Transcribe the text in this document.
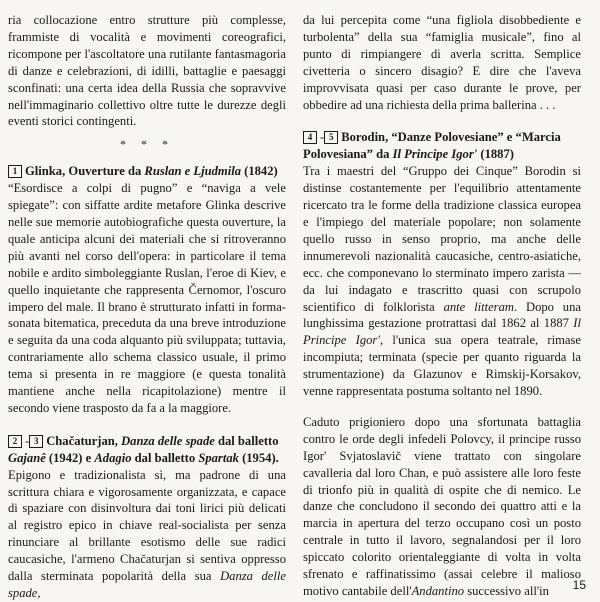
ria collocazione entro strutture più complesse, frammiste di vocalità e movimenti coreografici, ricompone per l'ascoltatore una rutilante fantasmagoria di danze e celebrazioni, di idilli, battaglie e paesaggi sconfinati: una certa idea della Russia che sopravvive nell'immaginario collettivo oltre tutte le durezze degli eventi storici contingenti.

* * *
1 Glinka, Ouverture da Ruslan e Ljudmila (1842)

“Esordisce a colpi di pugno” e “naviga a vele spiegate”: con siffatte ardite metafore Glinka descrive nelle sue memorie autobiografiche questa ouverture, la quale anticipa alcuni dei materiali che si ritroveranno più avanti nel corso dell'opera: in particolare il tema nobile e ardito simboleggiante Ruslan, l'eroe di Kiev, e quello inquietante che rappresenta Černomor, l'oscuro impero del male. Il brano è strutturato infatti in forma-sonata bitematica, preceduta da una breve introduzione e seguita da una coda alquanto più sviluppata; tuttavia, contrariamente allo schema classico usuale, il primo tema si presenta in re maggiore (e questa tonalità mantiene anche nella ricapitolazione) mentre il secondo viene trasposto da fa a la maggiore.

2 - 3 Chačaturjan, Danza delle spade dal balletto Gajanê (1942) e Adagio dal balletto Spartak (1954).

Epigono e tradizionalista sì, ma padrone di una scrittura chiara e vigorosamente organizzata, e capace di spaziare con disinvoltura dai toni lirici più delicati al registro epico in chiave real-socialista per senza rinunciare al brillante esotismo delle sue radici caucasiche, l'armeno Chačaturjan si sentiva oppresso dalla sterminata popolarità della sua Danza delle spade,

da lui percepita come “una figliola disobbediente e turbolenta” della sua “famiglia musicale”, fino al punto di rimpiangere di averla scritta. Semplice civetteria o sincero disagio? E dire che l'aveva improvvisata quasi per caso durante le prove, per obbedire ad una richiesta della prima ballerina . . .

4 - 5 Borodin, “Danze Polovesiane” e “Marcia Polovesiana” da Il Principe Igor' (1887)

Tra i maestri del “Gruppo dei Cinque” Borodin si distinse costantemente per l'equilibrio attentamente ricercato tra le forme della tradizione classica europea e l'impiego del materiale popolare; non solamente quello russo in senso proprio, ma anche delle innumerevoli nazionalità caucasiche, centro-asiatiche, ecc. che componevano lo sterminato impero zarista — da lui indagato e trascritto quasi con scrupolo scientifico di folklorista ante litteram. Dopo una lunghissima gestazione protrattasi dal 1862 al 1887 Il Principe Igor', l'unica sua opera teatrale, rimase incompiuta; terminata (specie per quanto riguarda la strumentazione) da Glazunov e Rimskij-Korsakov, venne rappresentata postuma soltanto nel 1890.

Caduto prigioniero dopo una sfortunata battaglia contro le orde degli infedeli Polovcy, il principe russo Igor' Svjatoslavič viene trattato con singolare cavalleria dal loro Chan, e può assistere alle loro feste di trionfo più in qualità di ospite che di nemico. Le danze che concludono il secondo dei quattro atti e la marcia in apertura del terzo occupano così un posto centrale in tutto il lavoro, segnalandosi per il loro spiccato colorito orientaleggiante di volta in volta sfrenato e raffinatissimo (assai celebre il malioso motivo cantabile dell'Andantino successivo all'in	15
